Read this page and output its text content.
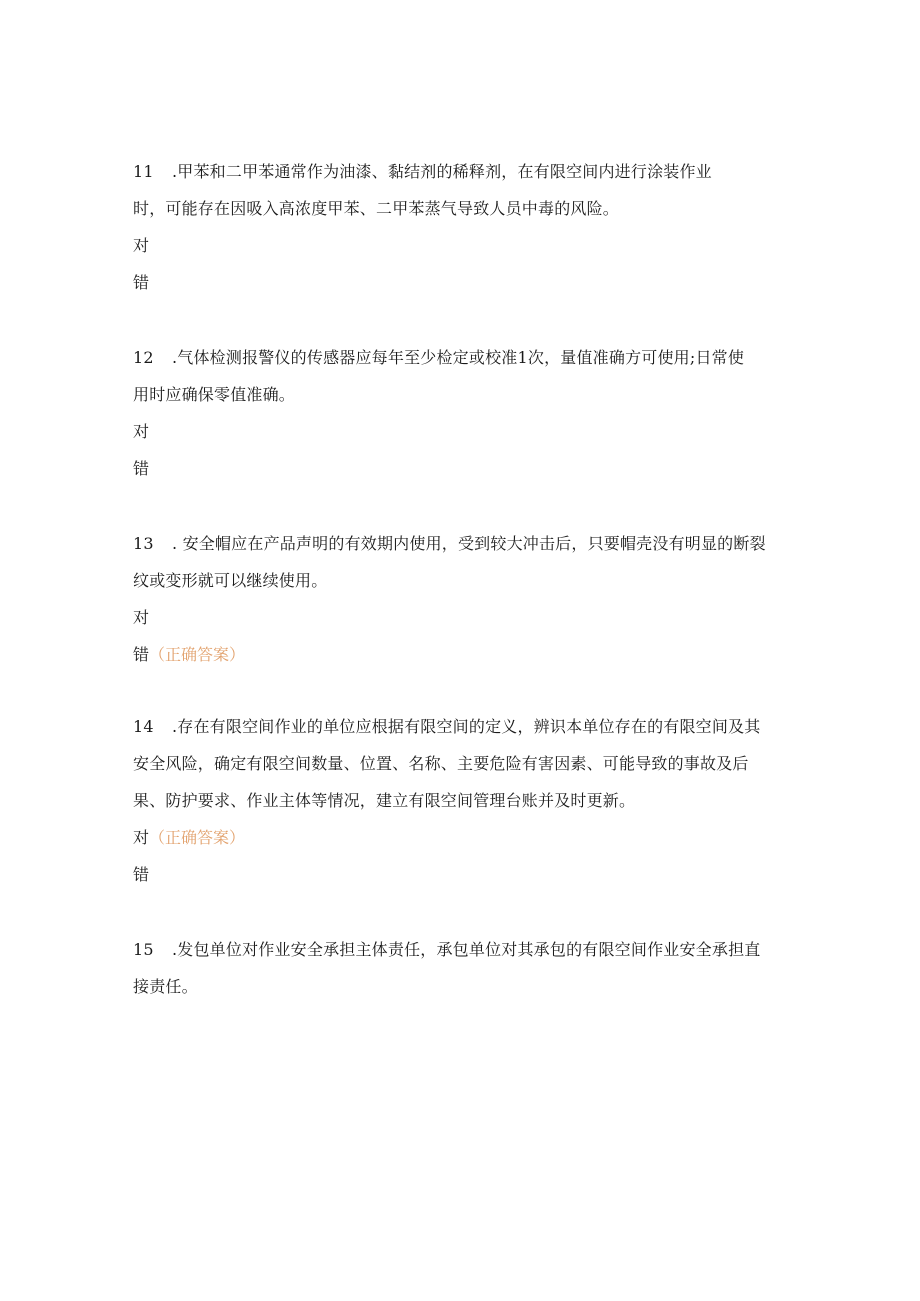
11 .甲苯和二甲苯通常作为油漆、黏结剂的稀释剂，在有限空间内进行涂装作业
时，可能存在因吸入高浓度甲苯、二甲苯蒸气导致人员中毒的风险。
对
错
12 .气体检测报警仪的传感器应每年至少检定或校准1次，量值准确方可使用;日常使
用时应确保零值准确。
对
错
13 . 安全帽应在产品声明的有效期内使用，受到较大冲击后，只要帽壳没有明显的断裂
纹或变形就可以继续使用。
对
错（正确答案）
14 .存在有限空间作业的单位应根据有限空间的定义，辨识本单位存在的有限空间及其
安全风险，确定有限空间数量、位置、名称、主要危险有害因素、可能导致的事故及后
果、防护要求、作业主体等情况，建立有限空间管理台账并及时更新。
对（正确答案）
错
15 .发包单位对作业安全承担主体责任，承包单位对其承包的有限空间作业安全承担直
接责任。
